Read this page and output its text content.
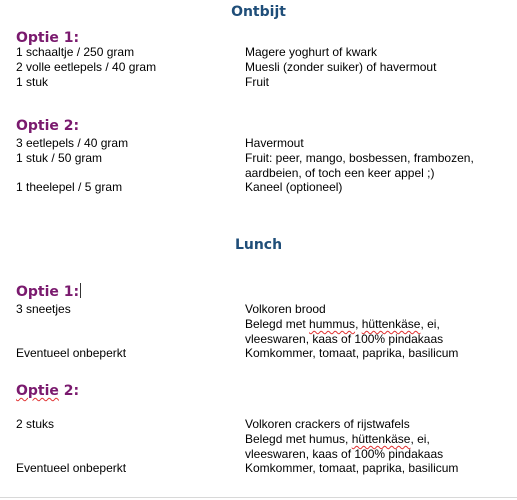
Ontbijt
Optie 1:
1 schaaltje / 250 gram	Magere yoghurt of kwark
2 volle eetlepels / 40 gram	Muesli (zonder suiker) of havermout
1 stuk	Fruit
Optie 2:
3 eetlepels / 40 gram	Havermout
1 stuk / 50 gram	Fruit: peer, mango, bosbessen, frambozen,
aardbeien, of toch een keer appel ;)
1 theelepel / 5 gram	Kaneel (optioneel)
Lunch
Optie 1:
3 sneetjes	Volkoren brood
Belegd met hummus, hüttenkäse, ei,
vleeswaren, kaas of 100% pindakaas
Eventueel onbeperkt	Komkommer, tomaat, paprika, basilicum
Optie 2:
2 stuks	Volkoren crackers of rijstwafels
Belegd met humus, hüttenkäse, ei,
vleeswaren, kaas of 100% pindakaas
Eventueel onbeperkt	Komkommer, tomaat, paprika, basilicum
